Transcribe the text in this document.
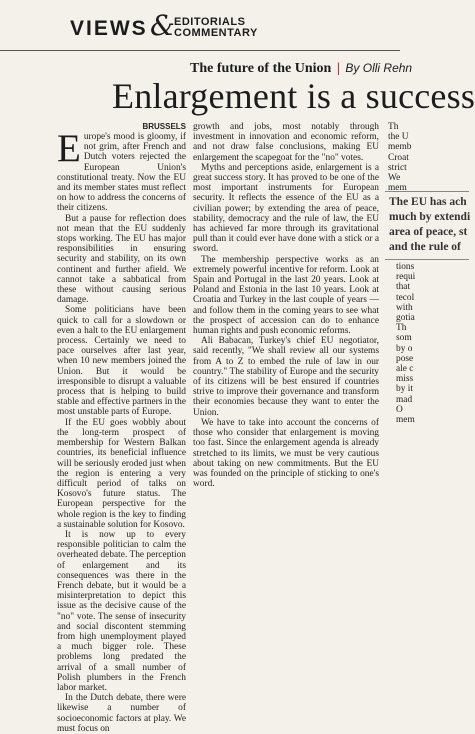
VIEWS & EDITORIALS
COMMENTARY
The future of the Union | By Olli Rehn
Enlargement is a success
BRUSSELS
E urope's mood is gloomy, if not grim, after French and Dutch voters rejected the European Union's constitutional treaty. Now the EU and its member states must reflect on how to address the concerns of their citizens.

But a pause for reflection does not mean that the EU suddenly stops working. The EU has major responsibilities in ensuring security and stability, on its own continent and further afield. We cannot take a sabbatical from these without causing serious damage.

Some politicians have been quick to call for a slowdown or even a halt to the EU enlargement process. Certainly we need to pace ourselves after last year, when 10 new members joined the Union. But it would be irresponsible to disrupt a valuable process that is helping to build stable and effective partners in the most unstable parts of Europe.

If the EU goes wobbly about the long-term prospect of membership for Western Balkan countries, its beneficial influence will be seriously eroded just when the region is entering a very difficult period of talks on Kosovo's future status. The European perspective for the whole region is the key to finding a sustainable solution for Kosovo.

It is now up to every responsible politician to calm the overheated debate. The perception of enlargement and its consequences was there in the French debate, but it would be a misinterpretation to depict this issue as the decisive cause of the "no" vote. The sense of insecurity and social discontent stemming from high unemployment played a much bigger role. These problems long predated the arrival of a small number of Polish plumbers in the French labor market.

In the Dutch debate, there were likewise a number of socioeconomic factors at play. We must focus on

growth and jobs, most notably through investment in innovation and economic reform, and not draw false conclusions, making EU enlargement the scapegoat for the "no" votes.

Myths and perceptions aside, enlargement is a great success story. It has proved to be one of the most important instruments for European security. It reflects the essence of the EU as a civilian power; by extending the area of peace, stability, democracy and the rule of law, the EU has achieved far more through its gravitational pull than it could ever have done with a stick or a sword.

The membership perspective works as an extremely powerful incentive for reform. Look at Spain and Portugal in the last 20 years. Look at Poland and Estonia in the last 10 years. Look at Croatia and Turkey in the last couple of years — and follow them in the coming years to see what the prospect of accession can do to enhance human rights and push economic reforms.

Ali Babacan, Turkey's chief EU negotiator, said recently, "We shall review all our systems from A to Z to embed the rule of law in our country." The stability of Europe and the security of its citizens will be best ensured if countries strive to improve their governance and transform their economies because they want to enter the Union.

We have to take into account the concerns of those who consider that enlargement is moving too fast. Since the enlargement agenda is already stretched to its limits, we must be very cautious about taking on new commitments. But the EU was founded on the principle of sticking to one's word.

Th

the U

memb

Croat

strict

We

mem

The EU has ach
much by extendi
area of peace, st
and the rule of

tions

requi

that

tecol

with

gotia

Th

som

by o

pose

ale c

miss

by it

mad

O

mem
